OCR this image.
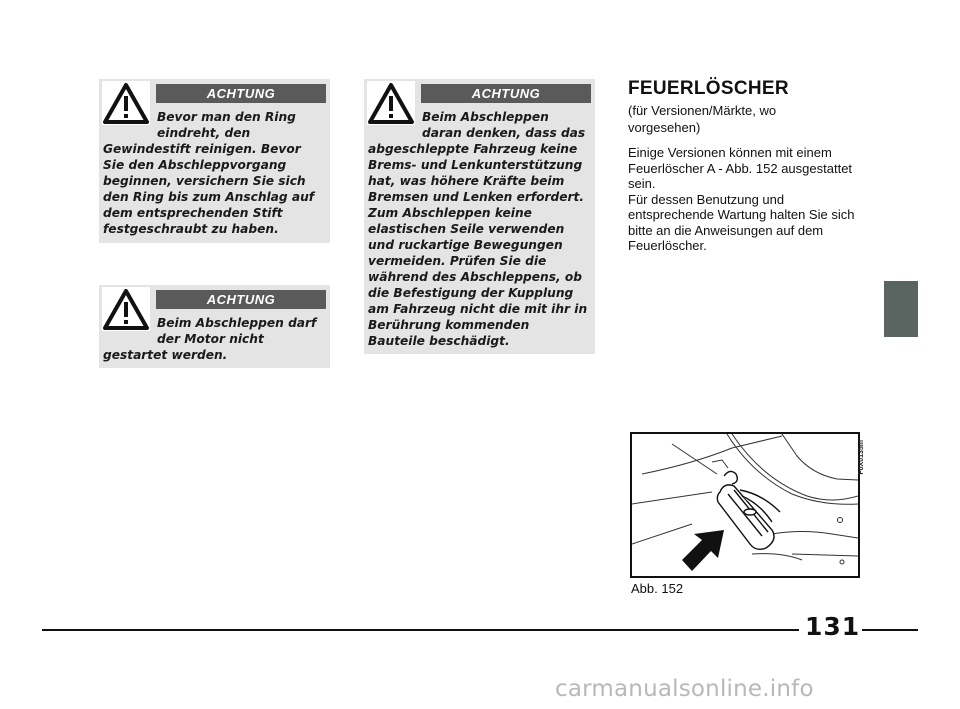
ACHTUNG

Bevor man den Ring eindreht, den Gewindestift reinigen. Bevor Sie den Abschleppvorgang beginnen, versichern Sie sich den Ring bis zum Anschlag auf dem entsprechenden Stift festgeschraubt zu haben.

ACHTUNG

Beim Abschleppen darf der Motor nicht gestartet werden.

ACHTUNG

Beim Abschleppen daran denken, dass das abgeschleppte Fahrzeug keine Brems- und Lenkunterstützung hat, was höhere Kräfte beim Bremsen und Lenken erfordert. Zum Abschleppen keine elastischen Seile verwenden und ruckartige Bewegungen vermeiden. Prüfen Sie die während des Abschleppens, ob die Befestigung der Kupplung am Fahrzeug nicht die mit ihr in Berührung kommenden Bauteile beschädigt.

FEUERLÖSCHER
(für Versionen/Märkte, wo vorgesehen)

Einige Versionen können mit einem Feuerlöscher A - Abb. 152 ausgestattet sein.

Für dessen Benutzung und entsprechende Wartung halten Sie sich bitte an die Anweisungen auf dem Feuerlöscher.

F0X0135m
Abb. 152
131
carmanualsonline.info
